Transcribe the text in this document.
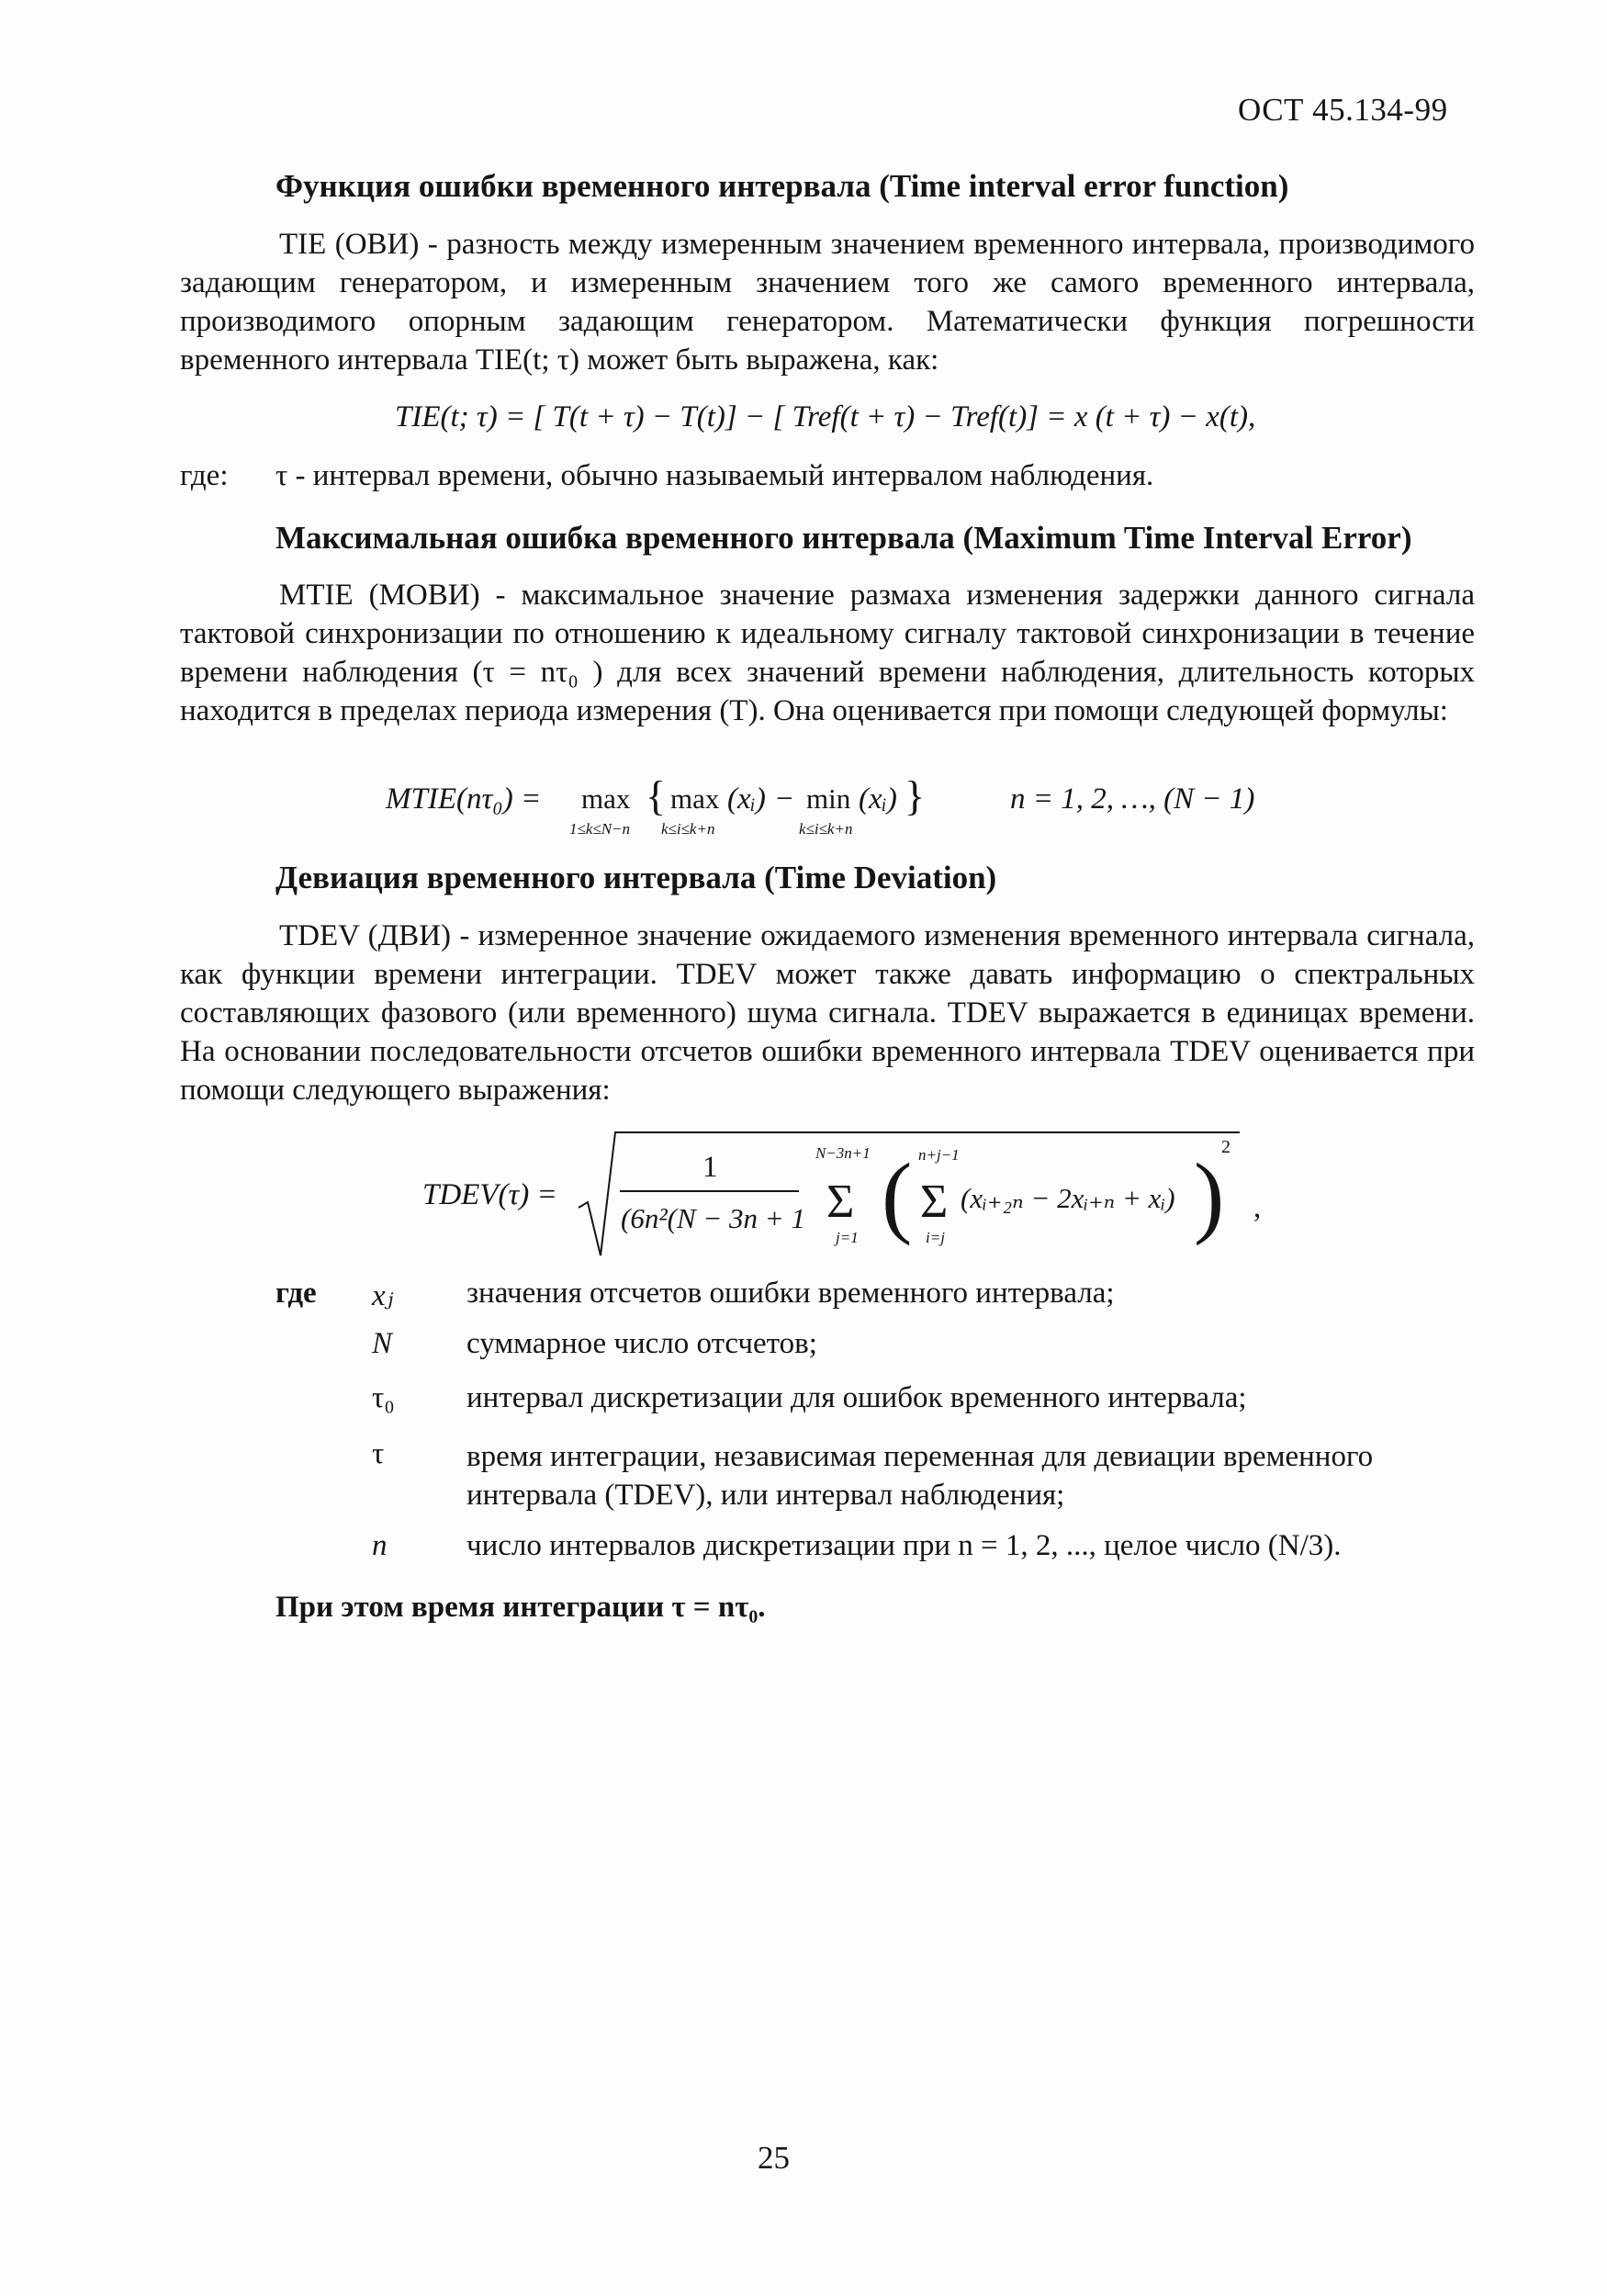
ОСТ 45.134-99
Функция ошибки временного интервала (Time interval error function)
TIE (ОВИ) - разность между измеренным значением временного интервала, производимого задающим генератором, и измеренным значением того же самого временного интервала, производимого опорным задающим генератором. Математически функция погрешности временного интервала TIE(t; τ) может быть выражена, как:
TIE(t; τ) = [ T(t + τ) − T(t)] − [ Tref(t + τ) − Tref(t)] = x (t + τ) − x(t),
где: τ - интервал времени, обычно называемый интервалом наблюдения.
Максимальная ошибка временного интервала (Maximum Time Interval Error)
MTIE (МОВИ) - максимальное значение размаха изменения задержки данного сигнала тактовой синхронизации по отношению к идеальному сигналу тактовой синхронизации в течение времени наблюдения (τ = nτ₀ ) для всех значений времени наблюдения, длительность которых находится в пределах периода измерения (T). Она оценивается при помощи следующей формулы:
MTIE(nτ₀) = max
1≤k≤N−n
{ max
k≤i≤k+n
(xᵢ) − min
k≤i≤k+n
(xᵢ) }	n = 1, 2, …, (N − 1)
Девиация временного интервала (Time Deviation)
TDEV (ДВИ) - измеренное значение ожидаемого изменения временного интервала сигнала, как функции времени интеграции. TDEV может также давать информацию о спектральных составляющих фазового (или временного) шума сигнала. TDEV выражается в единицах времени. На основании последовательности отсчетов ошибки временного интервала TDEV оценивается при помощи следующего выражения:
TDEV(τ) =
1
(6n²(N − 3n + 1
N−3n+1
Σ
j=1 ( n+j−1
Σ
i=j
(xᵢ₊₂ₙ − 2xᵢ₊ₙ + xᵢ) )
2
,
где xⱼ значения отсчетов ошибки временного интервала;
N суммарное число отсчетов;
τ₀ интервал дискретизации для ошибок временного интервала;
τ	время интеграции, независимая переменная для девиации временного интервала (TDEV), или интервал наблюдения;
n	число интервалов дискретизации при n = 1, 2, ..., целое число (N/3).
При этом время интеграции τ = nτ₀.
25
